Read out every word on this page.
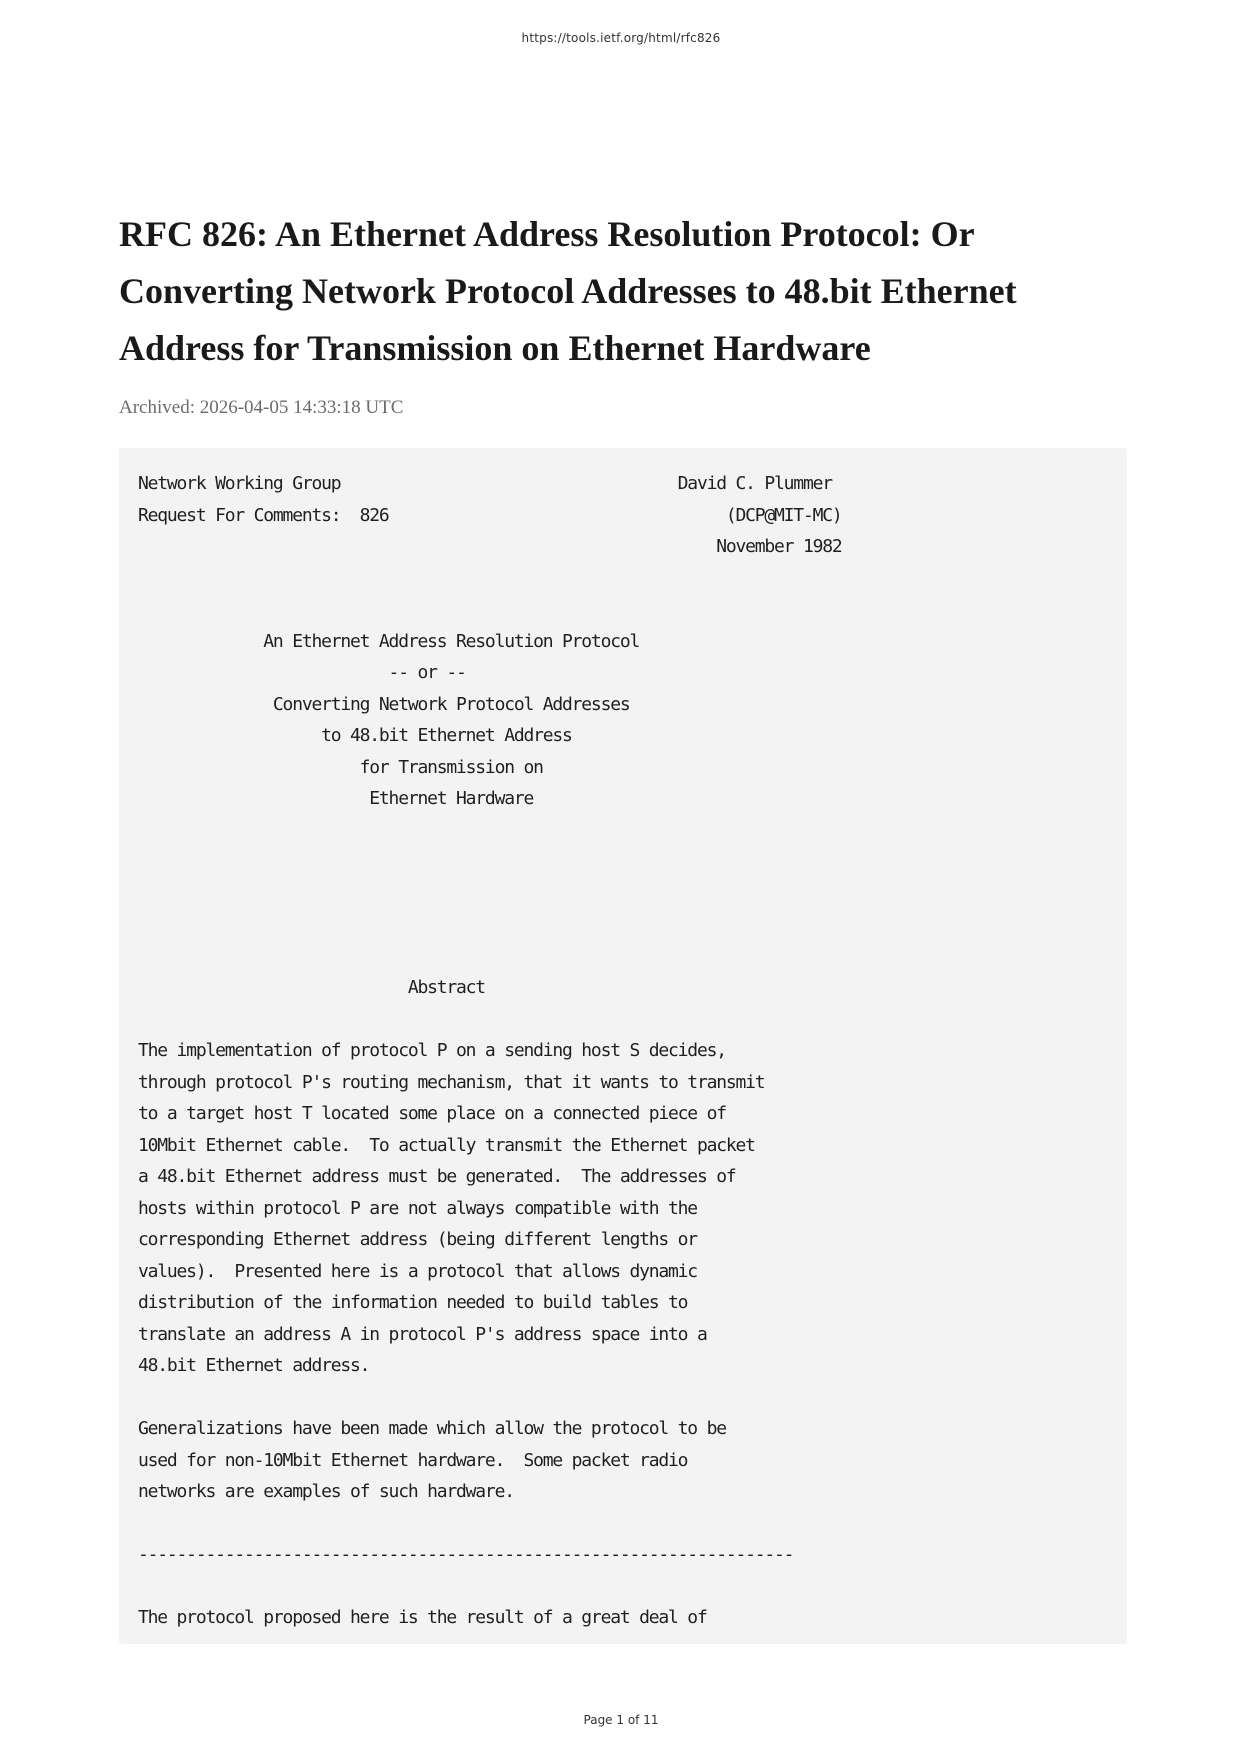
https://tools.ietf.org/html/rfc826
RFC 826: An Ethernet Address Resolution Protocol: Or Converting Network Protocol Addresses to 48.bit Ethernet Address for Transmission on Ethernet Hardware
Archived: 2026-04-05 14:33:18 UTC
Network Working Group                                   David C. Plummer
Request For Comments:  826                                   (DCP@MIT-MC)
November 1982

An Ethernet Address Resolution Protocol
-- or --
Converting Network Protocol Addresses
to 48.bit Ethernet Address
for Transmission on
Ethernet Hardware

Abstract

The implementation of protocol P on a sending host S decides,
through protocol P's routing mechanism, that it wants to transmit
to a target host T located some place on a connected piece of
10Mbit Ethernet cable.  To actually transmit the Ethernet packet
a 48.bit Ethernet address must be generated.  The addresses of
hosts within protocol P are not always compatible with the
corresponding Ethernet address (being different lengths or
values).  Presented here is a protocol that allows dynamic
distribution of the information needed to build tables to
translate an address A in protocol P's address space into a
48.bit Ethernet address.

Generalizations have been made which allow the protocol to be
used for non-10Mbit Ethernet hardware.  Some packet radio
networks are examples of such hardware.

--------------------------------------------------------------------

The protocol proposed here is the result of a great deal of
Page 1 of 11
